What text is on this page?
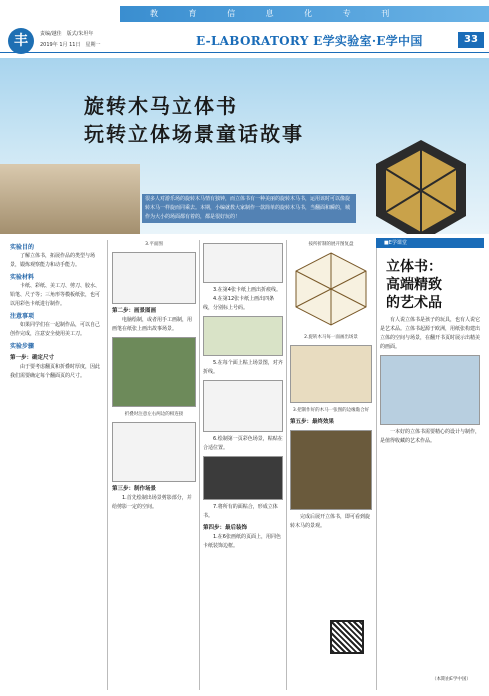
教 育 信 息 化 专 刊
丰	责编/越佳　版式/朱坦年
2019年 1月 11日　星期一	E-LABORATORY E学实验室·E学中国	33
旋转木马立体书
玩转立体场景童话故事
很多人对游乐场的旋转木马情有独钟，而立体书有一种美丽的旋转木马书，运用该时可以像旋转木马一样旋而同乘去。本期，小编就教大家制作一款简单的旋转木马书，当翻面和瞬的，城作为大小的场面都有着的，都是很好玩的！
实验目的

了解立体书，拓展作品的类型与场景，锻炼观察能力和动手能力。

实验材料

卡纸、彩纸、美工刀、剪刀、胶水、铅笔、尺子等；三角形等模板纸张，也可以用彩色卡纸进行制作。

注意事项

如果同学们在一起制作品，可以自己创作完成，注意安全使用美工刀。

实验步骤
第一步：确定尺寸

由于要考虑翻页和折叠时厚度，因此我们需要确定每个翻面页的尺寸。

3.平面图
第二步：画景图画

电脑绘制，或者用手工画制，用画笔在纸张上画出故事场景。

折叠时注意左右两边的相连接
第三步：制作场景

1.首先绘制出场景剪影部分，并给剪影一定的空间。

3.在第4张卡纸上画出折痕线。

4.在第12张卡纸上画出四条线，分别标上号码。

5.在每个面上粘上场景图，对齐折线。

6.绘制第一页彩色场景，粘贴在合适位置。

7.将所有的面粘合，形成立体书。

第四步：最后装饰

1.在6张画纸的页面上，用同色卡纸装饰边框。

按所折制的展开图复盘
2.旋转木马每一面画出场景
3.把制作好的木马一张图的边缘黏合好
第五步：最终效果

完成后展开立体书，即可看到旋转木马的景观。

■E学课堂
立体书：
高端精致
的艺术品

有人说立体书是孩子的玩具，也有人说它是艺术品。立体书起源于欧洲，用纸张构建出立体的空间与场景，在翻开书页时展示出精美的画面。

一本好的立体书需要精心的设计与制作，是值得收藏的艺术作品。

（本期由E学中国）
